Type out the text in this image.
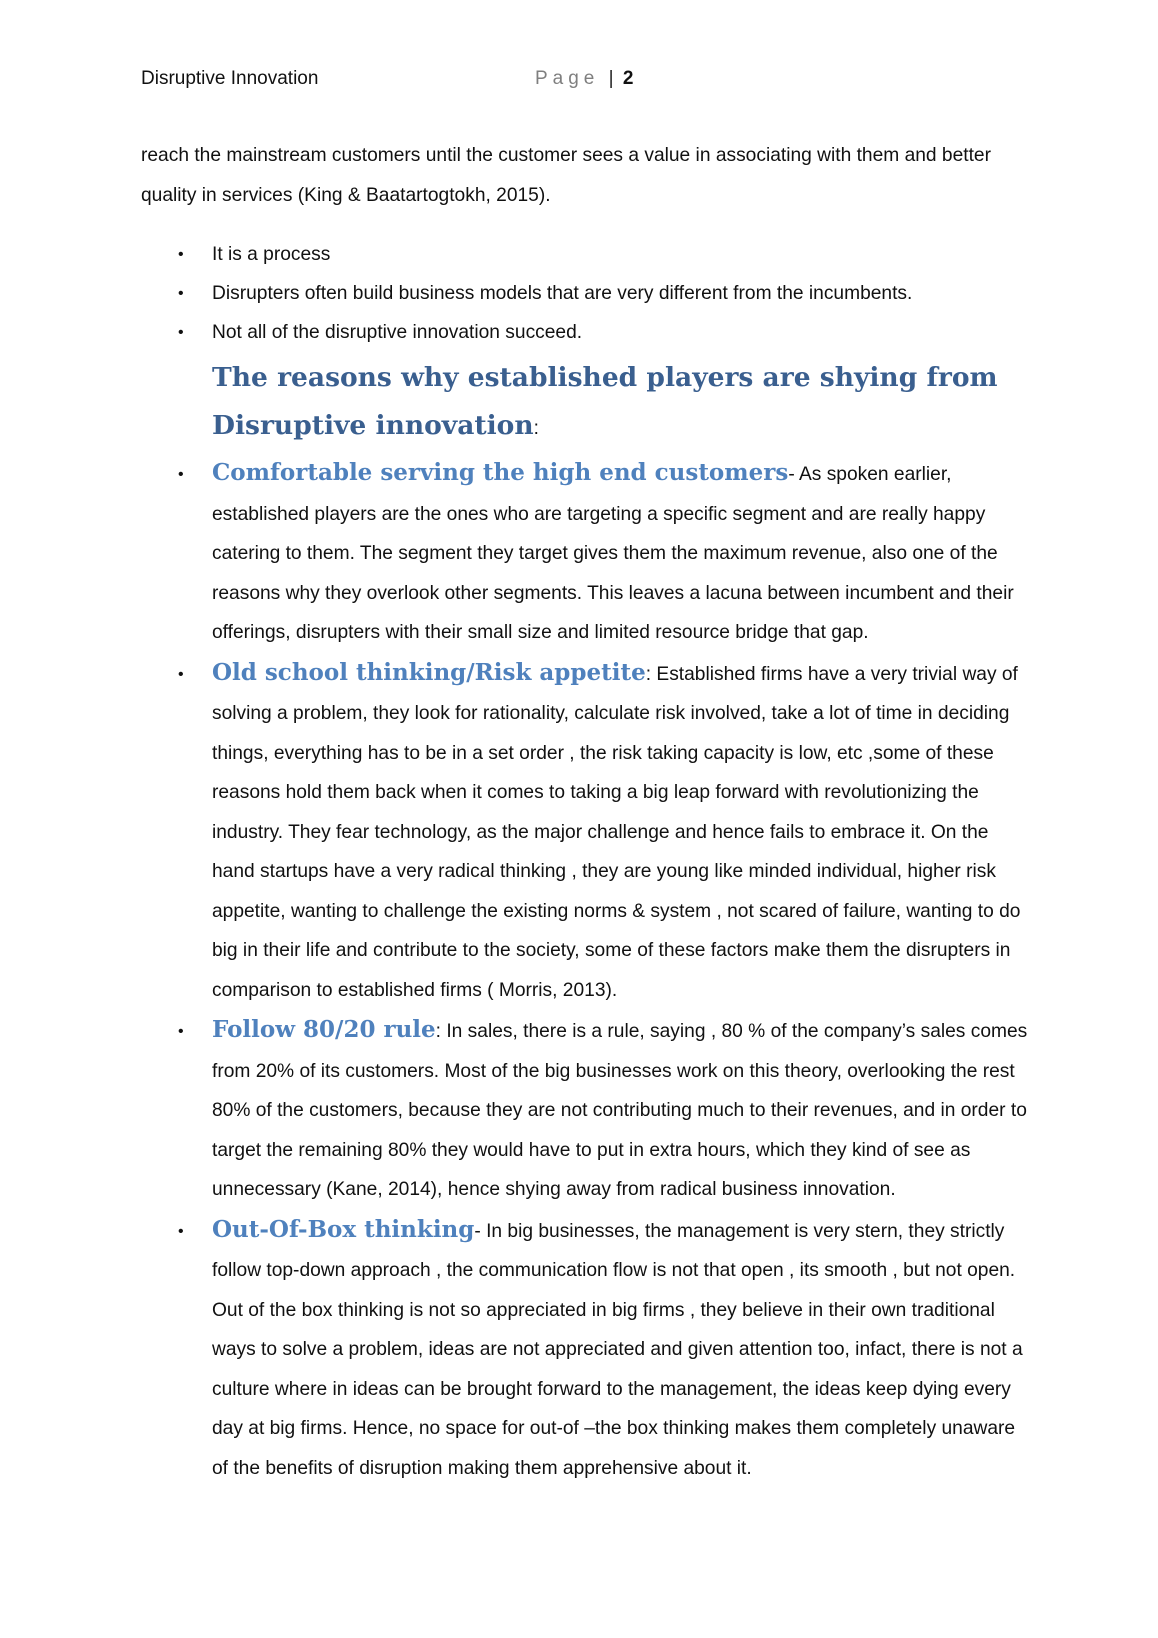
Disruptive Innovation	Page | 2

reach the mainstream customers until the customer sees a value in associating with them and better quality in services (King & Baatartogtokh, 2015).

• It is a process
• Disrupters often build business models that are very different from the incumbents.
• Not all of the disruptive innovation succeed.
The reasons why established players are shying from Disruptive innovation:
• Comfortable serving the high end customers- As spoken earlier, established players are the ones who are targeting a specific segment and are really happy catering to them. The segment they target gives them the maximum revenue, also one of the reasons why they overlook other segments. This leaves a lacuna between incumbent and their offerings, disrupters with their small size and limited resource bridge that gap.
• Old school thinking/Risk appetite: Established firms have a very trivial way of solving a problem, they look for rationality, calculate risk involved, take a lot of time in deciding things, everything has to be in a set order , the risk taking capacity is low, etc ,some of these reasons hold them back when it comes to taking a big leap forward with revolutionizing the industry. They fear technology, as the major challenge and hence fails to embrace it. On the hand startups have a very radical thinking , they are young like minded individual, higher risk appetite, wanting to challenge the existing norms & system , not scared of failure, wanting to do big in their life and contribute to the society, some of these factors make them the disrupters in comparison to established firms ( Morris, 2013).
• Follow 80/20 rule: In sales, there is a rule, saying , 80 % of the company’s sales comes from 20% of its customers. Most of the big businesses work on this theory, overlooking the rest 80% of the customers, because they are not contributing much to their revenues, and in order to target the remaining 80% they would have to put in extra hours, which they kind of see as unnecessary (Kane, 2014), hence shying away from radical business innovation.
• Out-Of-Box thinking- In big businesses, the management is very stern, they strictly follow top-down approach , the communication flow is not that open , its smooth , but not open. Out of the box thinking is not so appreciated in big firms , they believe in their own traditional ways to solve a problem, ideas are not appreciated and given attention too, infact, there is not a culture where in ideas can be brought forward to the management, the ideas keep dying every day at big firms. Hence, no space for out-of –the box thinking makes them completely unaware of the benefits of disruption making them apprehensive about it.
